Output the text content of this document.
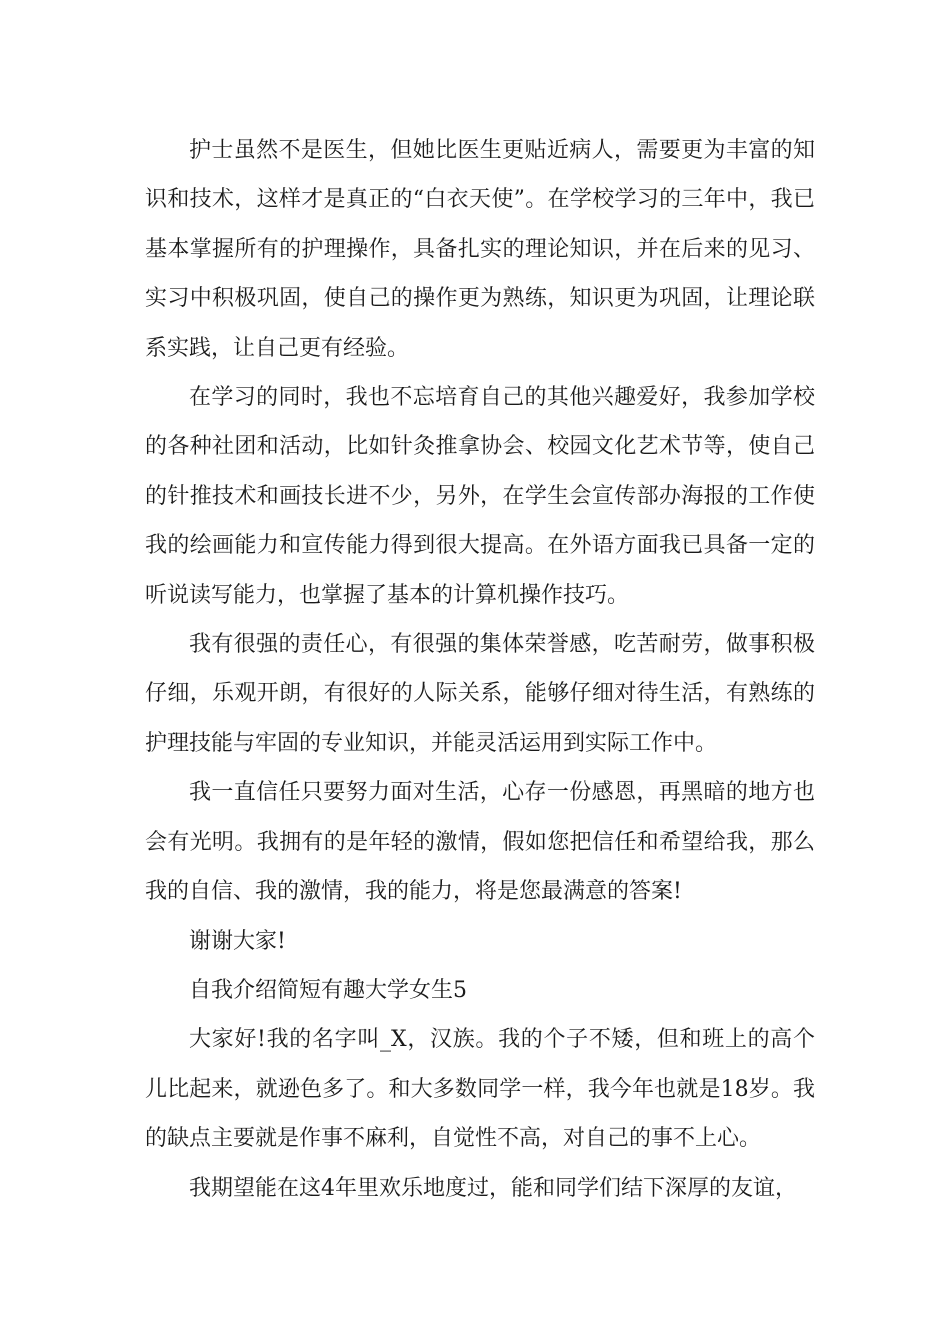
护士虽然不是医生，但她比医生更贴近病人，需要更为丰富的知识和技术，这样才是真正的“白衣天使”。在学校学习的三年中，我已基本掌握所有的护理操作，具备扎实的理论知识，并在后来的见习、实习中积极巩固，使自己的操作更为熟练，知识更为巩固，让理论联系实践，让自己更有经验。

在学习的同时，我也不忘培育自己的其他兴趣爱好，我参加学校的各种社团和活动，比如针灸推拿协会、校园文化艺术节等，使自己的针推技术和画技长进不少，另外，在学生会宣传部办海报的工作使我的绘画能力和宣传能力得到很大提高。在外语方面我已具备一定的听说读写能力，也掌握了基本的计算机操作技巧。

我有很强的责任心，有很强的集体荣誉感，吃苦耐劳，做事积极仔细，乐观开朗，有很好的人际关系，能够仔细对待生活，有熟练的护理技能与牢固的专业知识，并能灵活运用到实际工作中。

我一直信任只要努力面对生活，心存一份感恩，再黑暗的地方也会有光明。我拥有的是年轻的激情，假如您把信任和希望给我，那么我的自信、我的激情，我的能力，将是您最满意的答案!

谢谢大家!

自我介绍简短有趣大学女生5

大家好!我的名字叫_X，汉族。我的个子不矮，但和班上的高个儿比起来，就逊色多了。和大多数同学一样，我今年也就是18岁。我的缺点主要就是作事不麻利，自觉性不高，对自己的事不上心。

我期望能在这4年里欢乐地度过，能和同学们结下深厚的友谊，
